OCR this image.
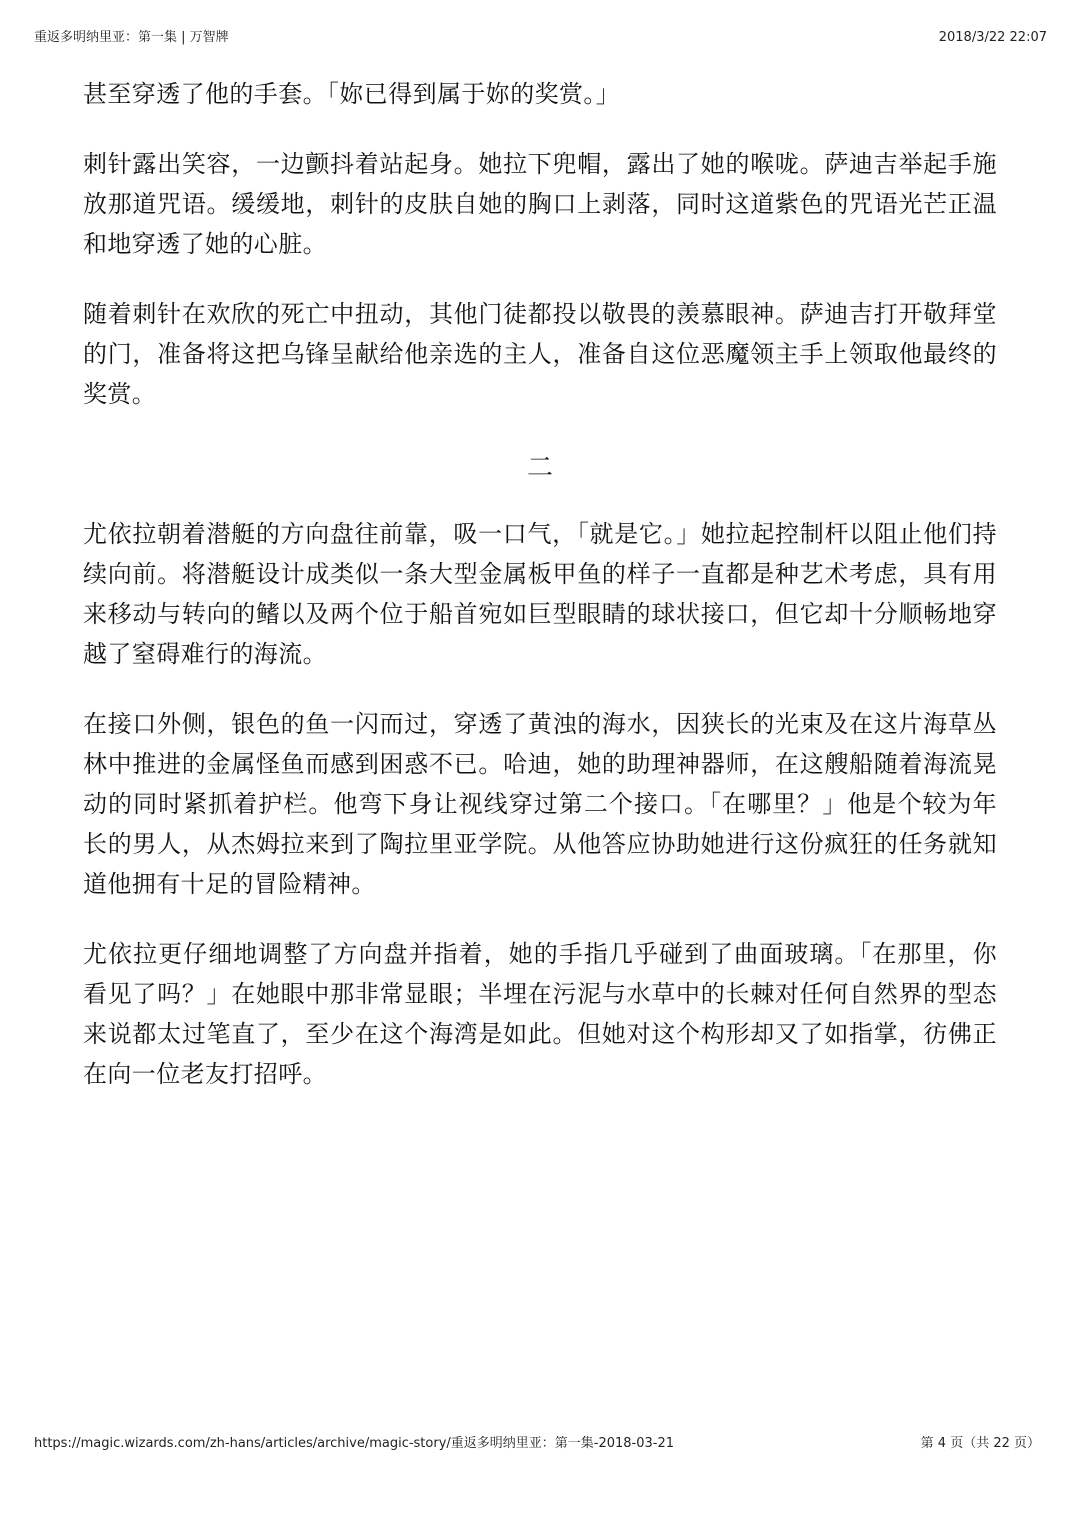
重返多明纳里亚：第一集 | 万智牌	2018/3/22 22:07

甚至穿透了他的手套。「妳已得到属于妳的奖赏。」

刺针露出笑容，一边颤抖着站起身。她拉下兜帽，露出了她的喉咙。萨迪吉举起手施放那道咒语。缓缓地，刺针的皮肤自她的胸口上剥落，同时这道紫色的咒语光芒正温和地穿透了她的心脏。

随着刺针在欢欣的死亡中扭动，其他门徒都投以敬畏的羡慕眼神。萨迪吉打开敬拜堂的门，准备将这把乌锋呈献给他亲选的主人，准备自这位恶魔领主手上领取他最终的奖赏。

二

尤依拉朝着潜艇的方向盘往前靠，吸一口气，「就是它。」她拉起控制杆以阻止他们持续向前。将潜艇设计成类似一条大型金属板甲鱼的样子一直都是种艺术考虑，具有用来移动与转向的鳍以及两个位于船首宛如巨型眼睛的球状接口，但它却十分顺畅地穿越了窒碍难行的海流。

在接口外侧，银色的鱼一闪而过，穿透了黄浊的海水，因狭长的光束及在这片海草丛林中推进的金属怪鱼而感到困惑不已。哈迪，她的助理神器师，在这艘船随着海流晃动的同时紧抓着护栏。他弯下身让视线穿过第二个接口。「在哪里？」他是个较为年长的男人，从杰姆拉来到了陶拉里亚学院。从他答应协助她进行这份疯狂的任务就知道他拥有十足的冒险精神。

尤依拉更仔细地调整了方向盘并指着，她的手指几乎碰到了曲面玻璃。「在那里，你看见了吗？」在她眼中那非常显眼；半埋在污泥与水草中的长棘对任何自然界的型态来说都太过笔直了，至少在这个海湾是如此。但她对这个构形却又了如指掌，彷佛正在向一位老友打招呼。

https://magic.wizards.com/zh-hans/articles/archive/magic-story/重返多明纳里亚：第一集-2018-03-21	第 4 页（共 22 页）
